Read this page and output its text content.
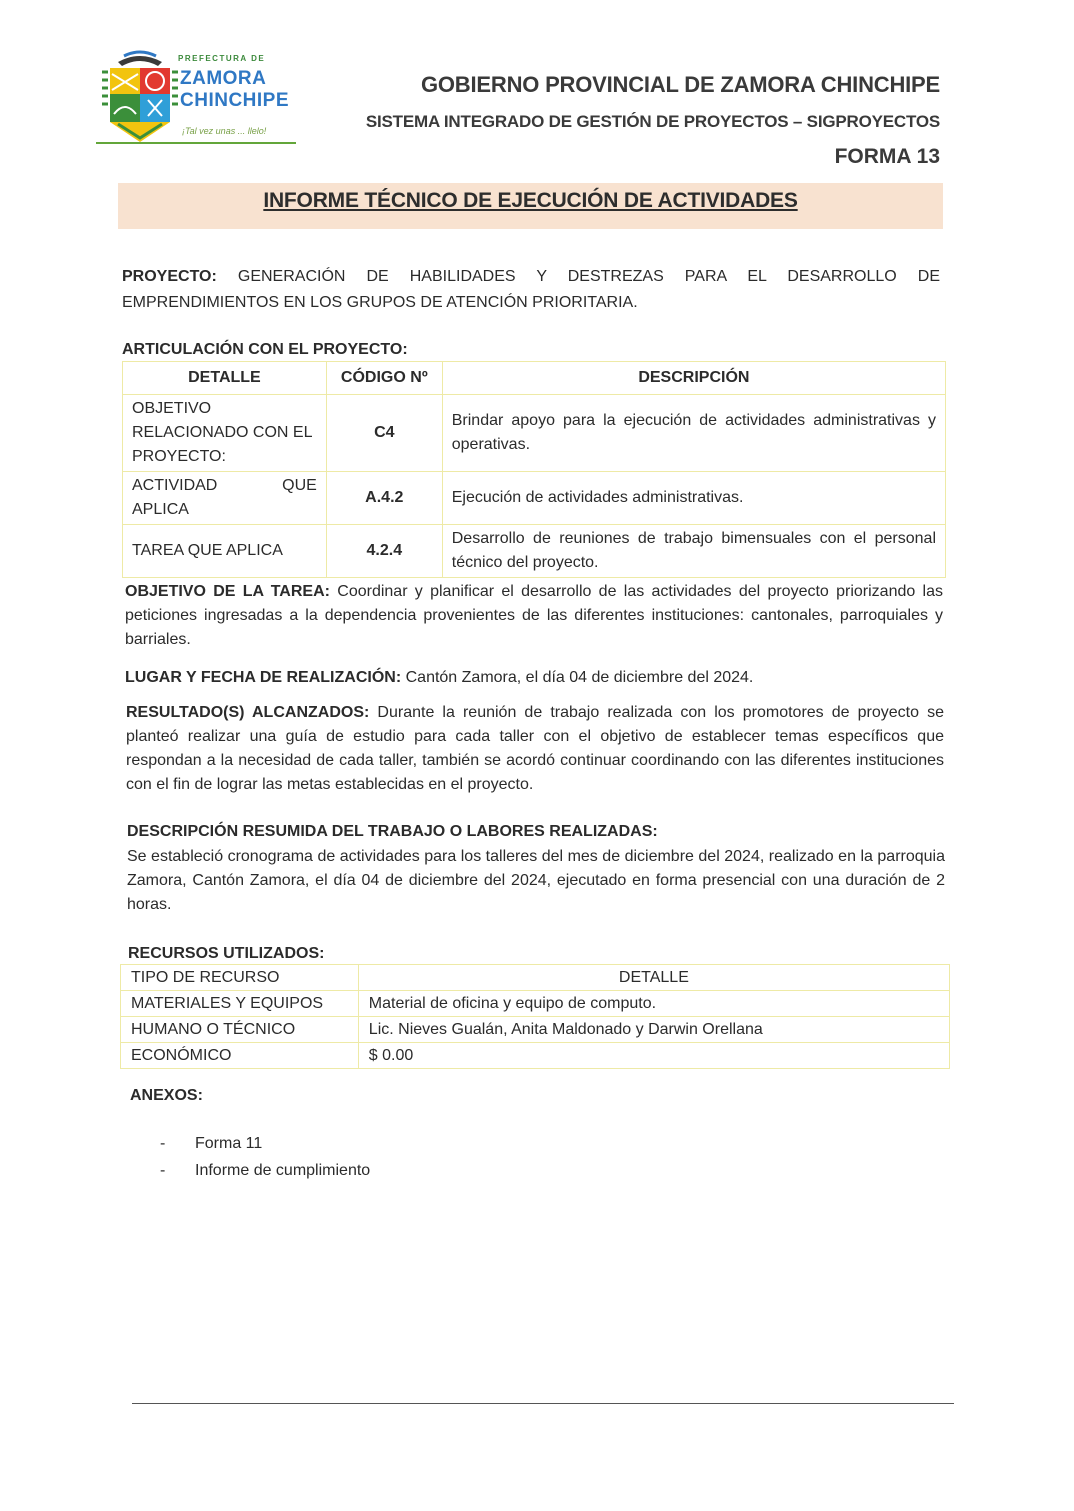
PREFECTURA DE
ZAMORA
CHINCHIPE
¡Tal vez unas ... llelo!
GOBIERNO PROVINCIAL DE ZAMORA CHINCHIPE
SISTEMA INTEGRADO DE GESTIÓN DE PROYECTOS – SIGPROYECTOS
FORMA 13
INFORME TÉCNICO DE EJECUCIÓN DE ACTIVIDADES
PROYECTO: GENERACIÓN DE HABILIDADES Y DESTREZAS PARA EL DESARROLLO DE EMPRENDIMIENTOS EN LOS GRUPOS DE ATENCIÓN PRIORITARIA.
ARTICULACIÓN CON EL PROYECTO:
DETALLE	CÓDIGO Nº	DESCRIPCIÓN
OBJETIVO RELACIONADO CON EL PROYECTO:	C4	Brindar apoyo para la ejecución de actividades administrativas y operativas.
ACTIVIDAD QUE APLICA	A.4.2	Ejecución de actividades administrativas.
TAREA QUE APLICA	4.2.4	Desarrollo de reuniones de trabajo bimensuales con el personal técnico del proyecto.
OBJETIVO DE LA TAREA: Coordinar y planificar el desarrollo de las actividades del proyecto priorizando las peticiones ingresadas a la dependencia provenientes de las diferentes instituciones: cantonales, parroquiales y barriales.
LUGAR Y FECHA DE REALIZACIÓN: Cantón Zamora, el día 04 de diciembre del 2024.
RESULTADO(S) ALCANZADOS: Durante la reunión de trabajo realizada con los promotores de proyecto se planteó realizar una guía de estudio para cada taller con el objetivo de establecer temas específicos que respondan a la necesidad de cada taller, también se acordó continuar coordinando con las diferentes instituciones con el fin de lograr las metas establecidas en el proyecto.
DESCRIPCIÓN RESUMIDA DEL TRABAJO O LABORES REALIZADAS:
Se estableció cronograma de actividades para los talleres del mes de diciembre del 2024, realizado en la parroquia Zamora, Cantón Zamora, el día 04 de diciembre del 2024, ejecutado en forma presencial con una duración de 2 horas.
RECURSOS UTILIZADOS:
TIPO DE RECURSO	DETALLE
MATERIALES Y EQUIPOS	Material de oficina y equipo de computo.
HUMANO O TÉCNICO	Lic. Nieves Gualán, Anita Maldonado y Darwin Orellana
ECONÓMICO	$ 0.00
ANEXOS:
- Forma 11
- Informe de cumplimiento
